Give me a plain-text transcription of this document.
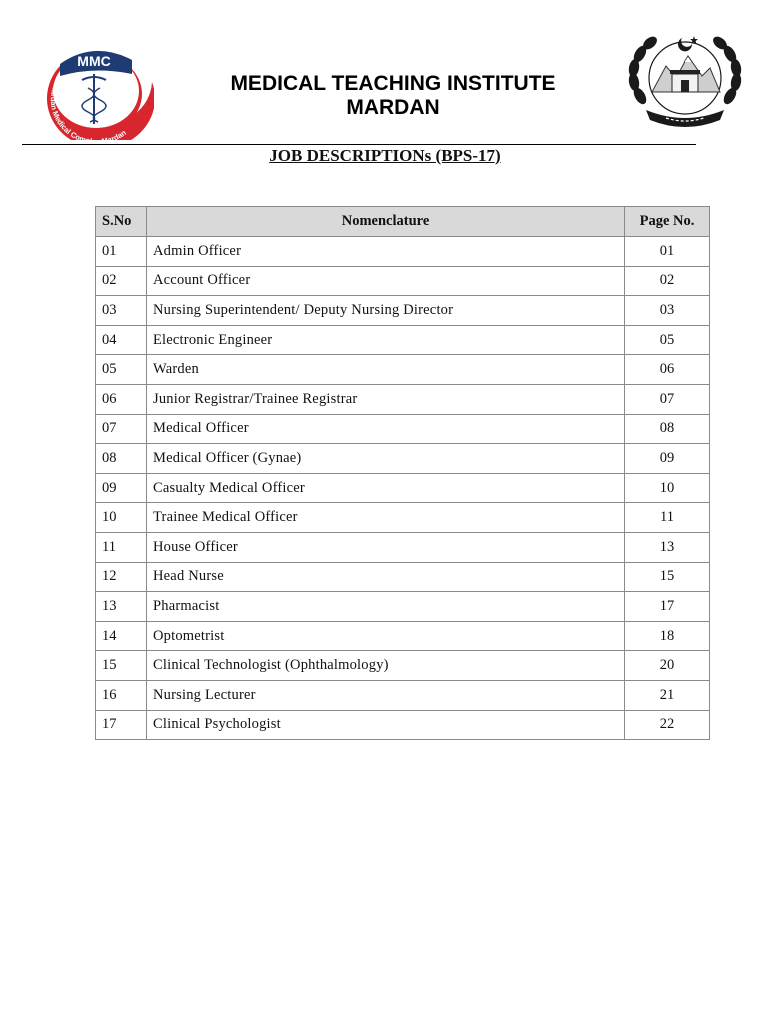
MMC
Mardan Medical Com ardan
MEDICAL TEACHING INSTITUTE
MARDAN
JOB DESCRIPTIONs (BPS-17)
S.No	Nomenclature	Page No.
01	Admin Officer	01
02	Account Officer	02
03	Nursing Superintendent/ Deputy Nursing Director	03
04	Electronic Engineer	05
05	Warden	06
06	Junior Registrar/Trainee Registrar	07
07	Medical Officer	08
08	Medical Officer (Gynae)	09
09	Casualty Medical Officer	10
10	Trainee Medical Officer	11
11	House Officer	13
12	Head Nurse	15
13	Pharmacist	17
14	Optometrist	18
15	Clinical Technologist (Ophthalmology)	20
16	Nursing Lecturer	21
17	Clinical Psychologist	22
